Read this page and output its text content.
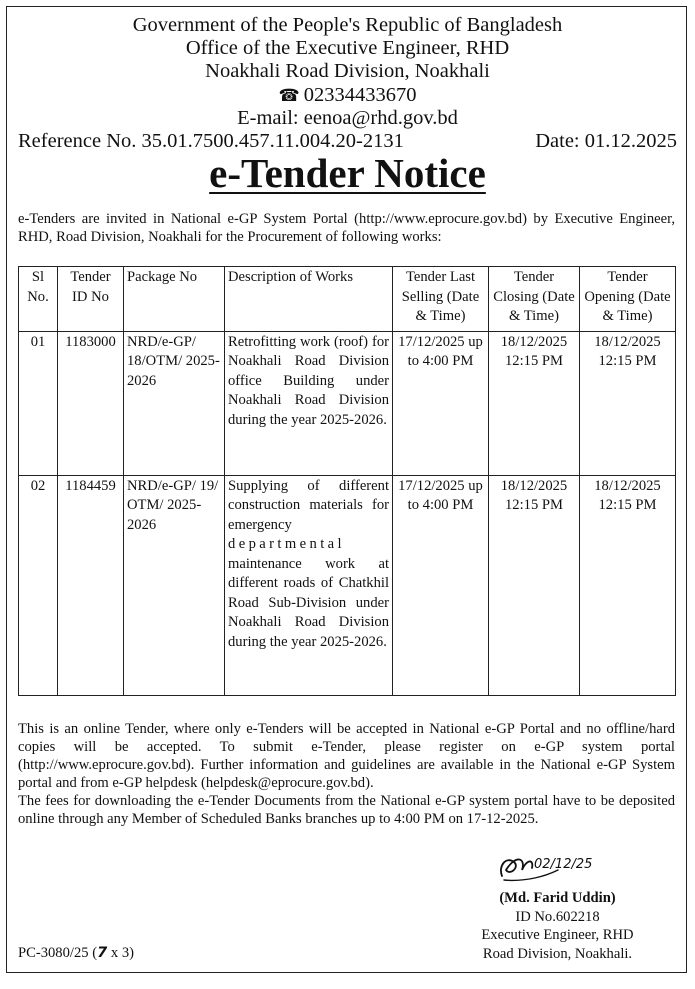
Government of the People's Republic of Bangladesh
Office of the Executive Engineer, RHD
Noakhali Road Division, Noakhali
☎ 02334433670
E-mail: eenoa@rhd.gov.bd
Reference No. 35.01.7500.457.11.004.20-2131	Date: 01.12.2025
e-Tender Notice
e-Tenders are invited in National e-GP System Portal (http://www.eprocure.gov.bd) by Executive Engineer, RHD, Road Division, Noakhali for the Procurement of following works:
Sl No.	Tender ID No	Package No	Description of Works	Tender Last Selling (Date & Time)	Tender Closing (Date & Time)	Tender Opening (Date & Time)
01	1183000	NRD/e-GP/ 18/OTM/ 2025-2026	Retrofitting work (roof) for Noakhali Road Division office Building under Noakhali Road Division during the year 2025-2026.	17/12/2025 up to 4:00 PM	18/12/2025 12:15 PM	18/12/2025 12:15 PM
02	1184459	NRD/e-GP/ 19/ OTM/ 2025-2026	Supplying of different construction materials for emergency departmental maintenance work at different roads of Chatkhil Road Sub-Division under Noakhali Road Division during the year 2025-2026.	17/12/2025 up to 4:00 PM	18/12/2025 12:15 PM	18/12/2025 12:15 PM

This is an online Tender, where only e-Tenders will be accepted in National e-GP Portal and no offline/hard copies will be accepted. To submit e-Tender, please register on e-GP system portal (http://www.eprocure.gov.bd). Further information and guidelines are available in the National e-GP System portal and from e-GP helpdesk (helpdesk@eprocure.gov.bd).

The fees for downloading the e-Tender Documents from the National e-GP system portal have to be deposited online through any Member of Scheduled Banks branches up to 4:00 PM on 17-12-2025.

02/12/25
(Md. Farid Uddin)
ID No.602218
Executive Engineer, RHD
Road Division, Noakhali.
PC-3080/25 (7 x 3)
